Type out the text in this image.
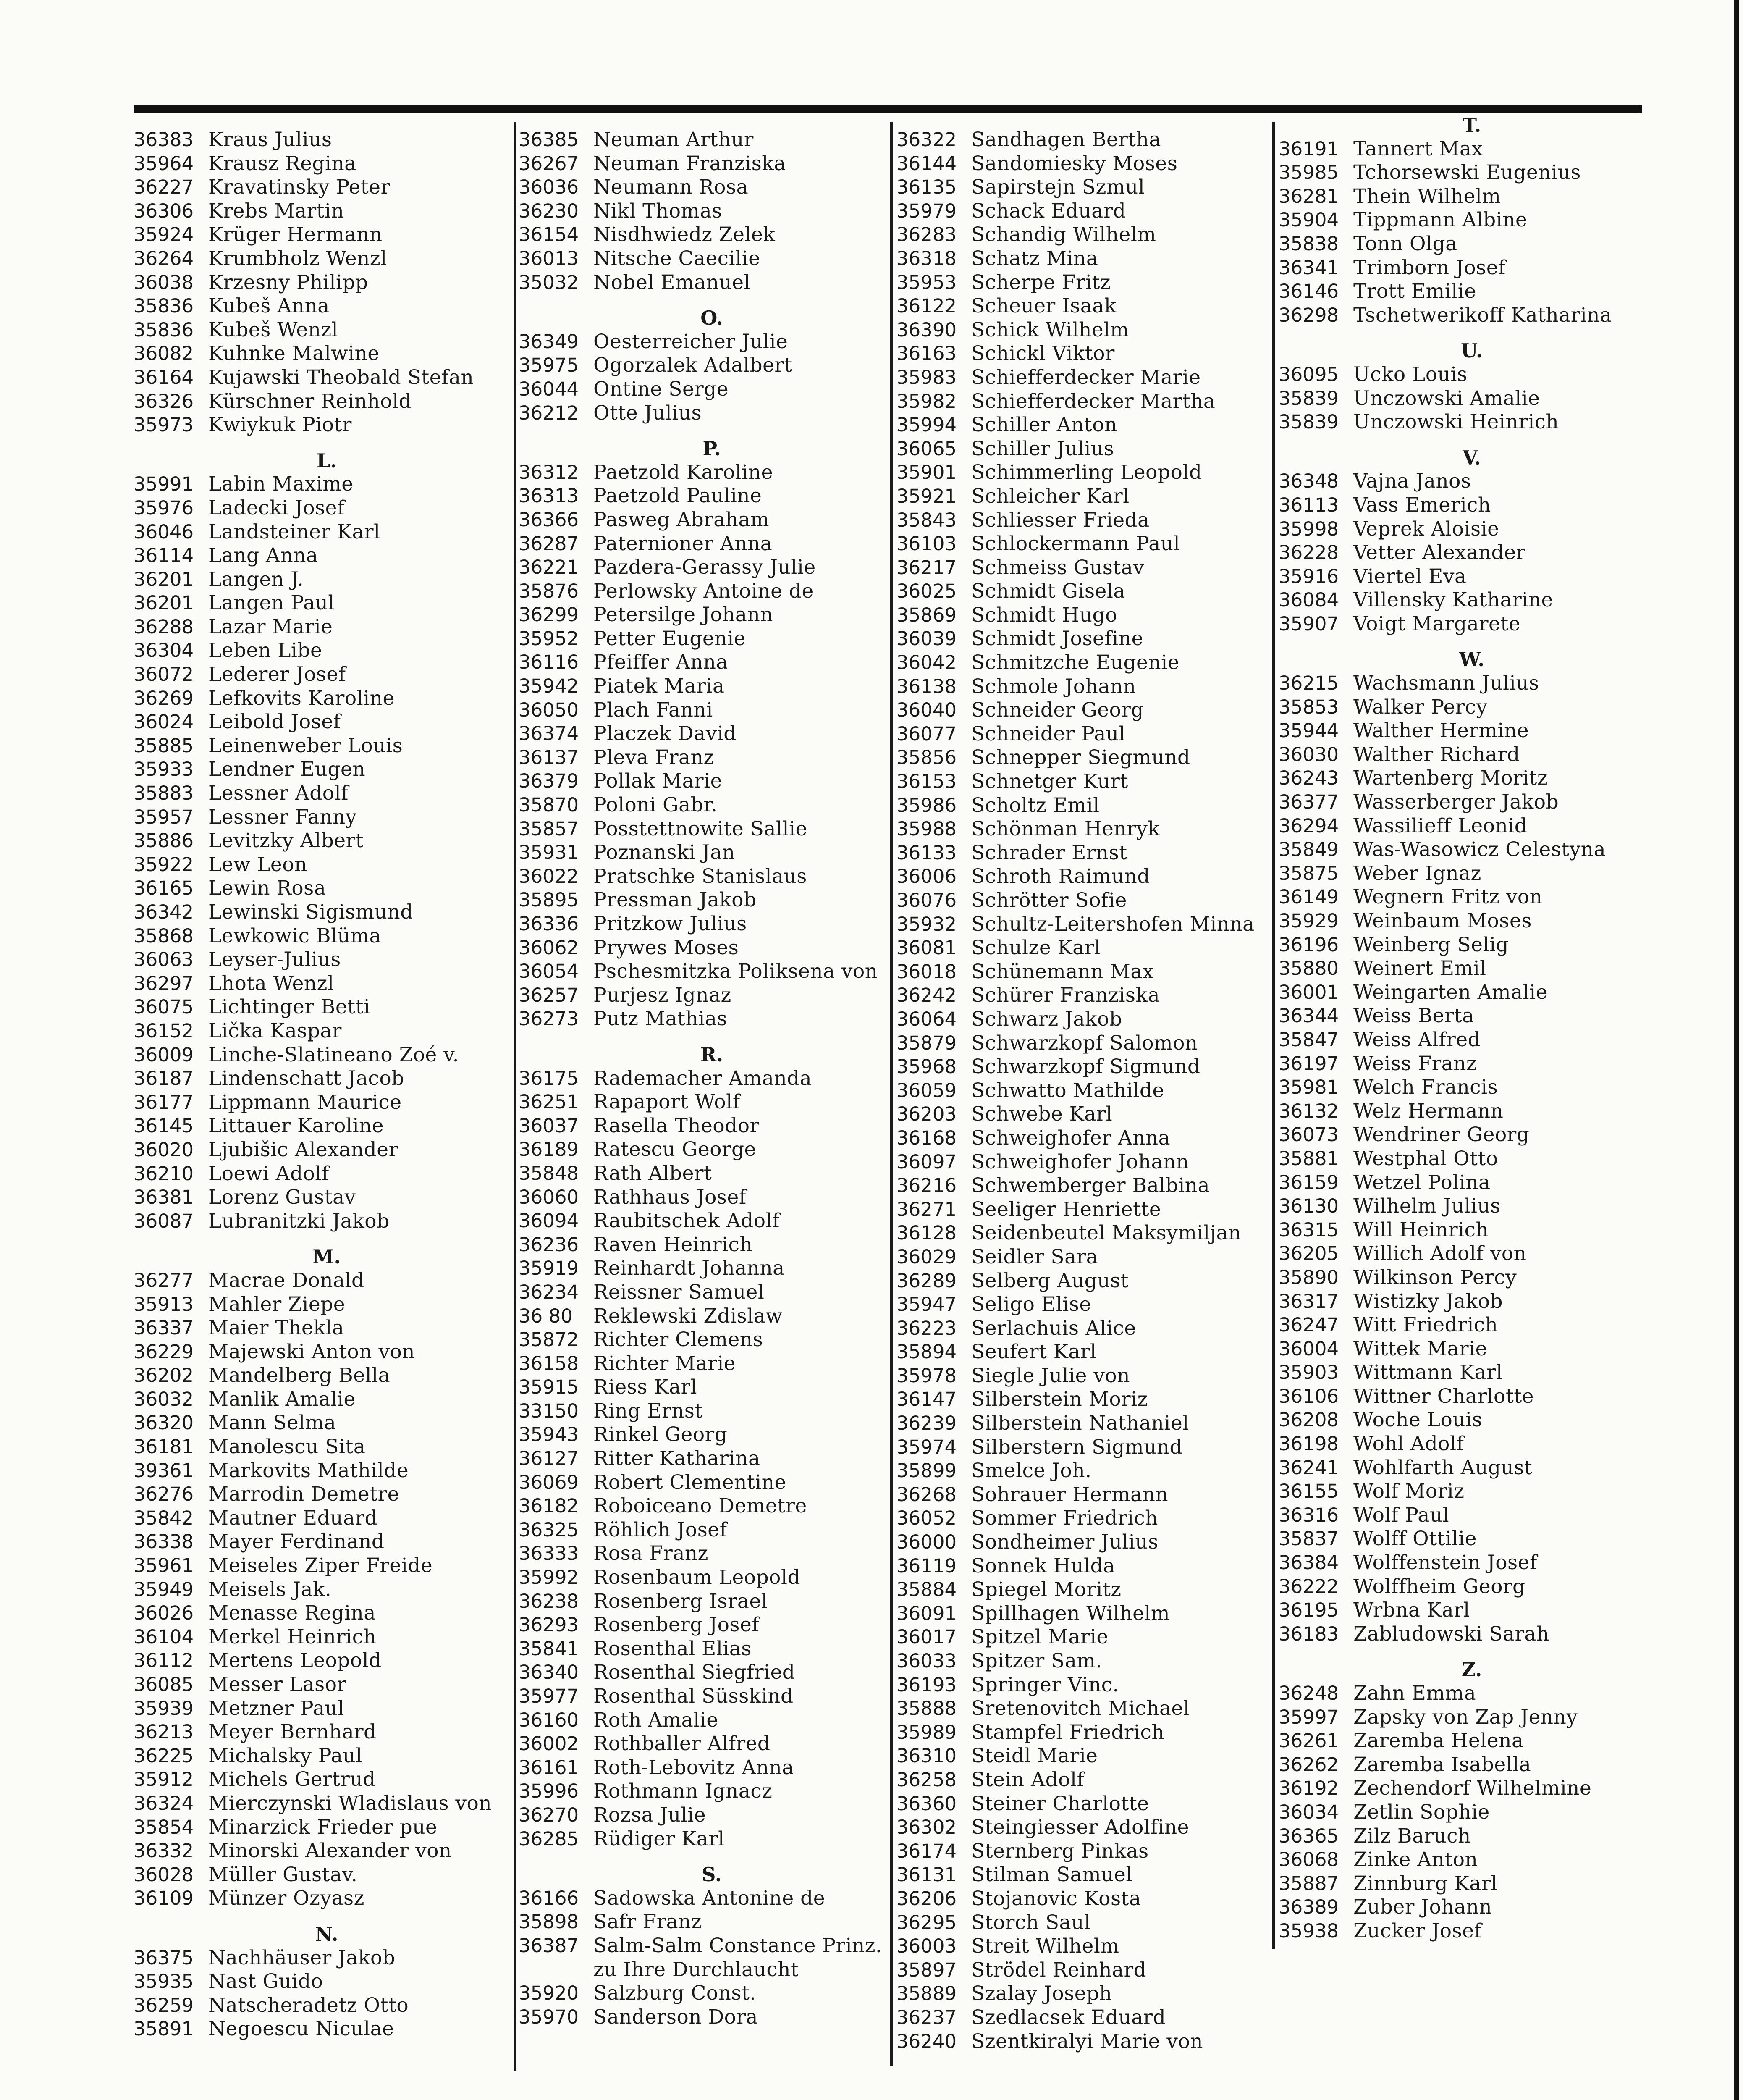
36383 Kraus Julius
35964 Krausz Regina
36227 Kravatinsky Peter
36306 Krebs Martin
35924 Krüger Hermann
36264 Krumbholz Wenzl
36038 Krzesny Philipp
35836 Kubeš Anna
35836 Kubeš Wenzl
36082 Kuhnke Malwine
36164 Kujawski Theobald Stefan
36326 Kürschner Reinhold
35973 Kwiykuk Piotr
L.
35991 Labin Maxime
35976 Ladecki Josef
36046 Landsteiner Karl
36114 Lang Anna
36201 Langen J.
36201 Langen Paul
36288 Lazar Marie
36304 Leben Libe
36072 Lederer Josef
36269 Lefkovits Karoline
36024 Leibold Josef
35885 Leinenweber Louis
35933 Lendner Eugen
35883 Lessner Adolf
35957 Lessner Fanny
35886 Levitzky Albert
35922 Lew Leon
36165 Lewin Rosa
36342 Lewinski Sigismund
35868 Lewkowic Blüma
36063 Leyser-Julius
36297 Lhota Wenzl
36075 Lichtinger Betti
36152 Lička Kaspar
36009 Linche-Slatineano Zoé v.
36187 Lindenschatt Jacob
36177 Lippmann Maurice
36145 Littauer Karoline
36020 Ljubišic Alexander
36210 Loewi Adolf
36381 Lorenz Gustav
36087 Lubranitzki Jakob
M.
36277 Macrae Donald
35913 Mahler Ziepe
36337 Maier Thekla
36229 Majewski Anton von
36202 Mandelberg Bella
36032 Manlik Amalie
36320 Mann Selma
36181 Manolescu Sita
39361 Markovits Mathilde
36276 Marrodin Demetre
35842 Mautner Eduard
36338 Mayer Ferdinand
35961 Meiseles Ziper Freide
35949 Meisels Jak.
36026 Menasse Regina
36104 Merkel Heinrich
36112 Mertens Leopold
36085 Messer Lasor
35939 Metzner Paul
36213 Meyer Bernhard
36225 Michalsky Paul
35912 Michels Gertrud
36324 Mierczynski Wladislaus von
35854 Minarzick Frieder pue
36332 Minorski Alexander von
36028 Müller Gustav.
36109 Münzer Ozyasz
N.
36375 Nachhäuser Jakob
35935 Nast Guido
36259 Natscheradetz Otto
35891 Negoescu Niculae
36385 Neuman Arthur
36267 Neuman Franziska
36036 Neumann Rosa
36230 Nikl Thomas
36154 Nisdhwiedz Zelek
36013 Nitsche Caecilie
35032 Nobel Emanuel
O.
36349 Oesterreicher Julie
35975 Ogorzalek Adalbert
36044 Ontine Serge
36212 Otte Julius
P.
36312 Paetzold Karoline
36313 Paetzold Pauline
36366 Pasweg Abraham
36287 Paternioner Anna
36221 Pazdera-Gerassy Julie
35876 Perlowsky Antoine de
36299 Petersilge Johann
35952 Petter Eugenie
36116 Pfeiffer Anna
35942 Piatek Maria
36050 Plach Fanni
36374 Placzek David
36137 Pleva Franz
36379 Pollak Marie
35870 Poloni Gabr.
35857 Posstettnowite Sallie
35931 Poznanski Jan
36022 Pratschke Stanislaus
35895 Pressman Jakob
36336 Pritzkow Julius
36062 Prywes Moses
36054 Pschesmitzka Poliksena von
36257 Purjesz Ignaz
36273 Putz Mathias
R.
36175 Rademacher Amanda
36251 Rapaport Wolf
36037 Rasella Theodor
36189 Ratescu George
35848 Rath Albert
36060 Rathhaus Josef
36094 Raubitschek Adolf
36236 Raven Heinrich
35919 Reinhardt Johanna
36234 Reissner Samuel
36 80	Reklewski Zdislaw
35872 Richter Clemens
36158 Richter Marie
35915 Riess Karl
33150 Ring Ernst
35943 Rinkel Georg
36127 Ritter Katharina
36069 Robert Clementine
36182 Roboiceano Demetre
36325 Röhlich Josef
36333 Rosa Franz
35992 Rosenbaum Leopold
36238 Rosenberg Israel
36293 Rosenberg Josef
35841 Rosenthal Elias
36340 Rosenthal Siegfried
35977 Rosenthal Süsskind
36160 Roth Amalie
36002 Rothballer Alfred
36161 Roth-Lebovitz Anna
35996 Rothmann Ignacz
36270 Rozsa Julie
36285 Rüdiger Karl
S.
36166 Sadowska Antonine de
35898 Safr Franz
36387 Salm-Salm Constance Prinz.
zu Ihre Durchlaucht
35920 Salzburg Const.
35970 Sanderson Dora
36322 Sandhagen Bertha
36144 Sandomiesky Moses
36135 Sapirstejn Szmul
35979 Schack Eduard
36283 Schandig Wilhelm
36318 Schatz Mina
35953 Scherpe Fritz
36122 Scheuer Isaak
36390 Schick Wilhelm
36163 Schickl Viktor
35983 Schiefferdecker Marie
35982 Schiefferdecker Martha
35994 Schiller Anton
36065 Schiller Julius
35901 Schimmerling Leopold
35921 Schleicher Karl
35843 Schliesser Frieda
36103 Schlockermann Paul
36217 Schmeiss Gustav
36025 Schmidt Gisela
35869 Schmidt Hugo
36039 Schmidt Josefine
36042 Schmitzche Eugenie
36138 Schmole Johann
36040 Schneider Georg
36077 Schneider Paul
35856 Schnepper Siegmund
36153 Schnetger Kurt
35986 Scholtz Emil
35988 Schönman Henryk
36133 Schrader Ernst
36006 Schroth Raimund
36076 Schrötter Sofie
35932 Schultz-Leitershofen Minna
36081 Schulze Karl
36018 Schünemann Max
36242 Schürer Franziska
36064 Schwarz Jakob
35879 Schwarzkopf Salomon
35968 Schwarzkopf Sigmund
36059 Schwatto Mathilde
36203 Schwebe Karl
36168 Schweighofer Anna
36097 Schweighofer Johann
36216 Schwemberger Balbina
36271 Seeliger Henriette
36128 Seidenbeutel Maksymiljan
36029 Seidler Sara
36289 Selberg August
35947 Seligo Elise
36223 Serlachuis Alice
35894 Seufert Karl
35978 Siegle Julie von
36147 Silberstein Moriz
36239 Silberstein Nathaniel
35974 Silberstern Sigmund
35899 Smelce Joh.
36268 Sohrauer Hermann
36052 Sommer Friedrich
36000 Sondheimer Julius
36119 Sonnek Hulda
35884 Spiegel Moritz
36091 Spillhagen Wilhelm
36017 Spitzel Marie
36033 Spitzer Sam.
36193 Springer Vinc.
35888 Sretenovitch Michael
35989 Stampfel Friedrich
36310 Steidl Marie
36258 Stein Adolf
36360 Steiner Charlotte
36302 Steingiesser Adolfine
36174 Sternberg Pinkas
36131 Stilman Samuel
36206 Stojanovic Kosta
36295 Storch Saul
36003 Streit Wilhelm
35897 Strödel Reinhard
35889 Szalay Joseph
36237 Szedlacsek Eduard
36240 Szentkiralyi Marie von
T.
36191 Tannert Max
35985 Tchorsewski Eugenius
36281 Thein Wilhelm
35904 Tippmann Albine
35838 Tonn Olga
36341 Trimborn Josef
36146 Trott Emilie
36298 Tschetwerikoff Katharina
U.
36095 Ucko Louis
35839 Unczowski Amalie
35839 Unczowski Heinrich
V.
36348 Vajna Janos
36113 Vass Emerich
35998 Veprek Aloisie
36228 Vetter Alexander
35916 Viertel Eva
36084 Villensky Katharine
35907 Voigt Margarete
W.
36215 Wachsmann Julius
35853 Walker Percy
35944 Walther Hermine
36030 Walther Richard
36243 Wartenberg Moritz
36377 Wasserberger Jakob
36294 Wassilieff Leonid
35849 Was-Wasowicz Celestyna
35875 Weber Ignaz
36149 Wegnern Fritz von
35929 Weinbaum Moses
36196 Weinberg Selig
35880 Weinert Emil
36001 Weingarten Amalie
36344 Weiss Berta
35847 Weiss Alfred
36197 Weiss Franz
35981 Welch Francis
36132 Welz Hermann
36073 Wendriner Georg
35881 Westphal Otto
36159 Wetzel Polina
36130 Wilhelm Julius
36315 Will Heinrich
36205 Willich Adolf von
35890 Wilkinson Percy
36317 Wistizky Jakob
36247 Witt Friedrich
36004 Wittek Marie
35903 Wittmann Karl
36106 Wittner Charlotte
36208 Woche Louis
36198 Wohl Adolf
36241 Wohlfarth August
36155 Wolf Moriz
36316 Wolf Paul
35837 Wolff Ottilie
36384 Wolffenstein Josef
36222 Wolffheim Georg
36195 Wrbna Karl
36183 Zabludowski Sarah
Z.
36248 Zahn Emma
35997 Zapsky von Zap Jenny
36261 Zaremba Helena
36262 Zaremba Isabella
36192 Zechendorf Wilhelmine
36034 Zetlin Sophie
36365 Zilz Baruch
36068 Zinke Anton
35887 Zinnburg Karl
36389 Zuber Johann
35938 Zucker Josef
